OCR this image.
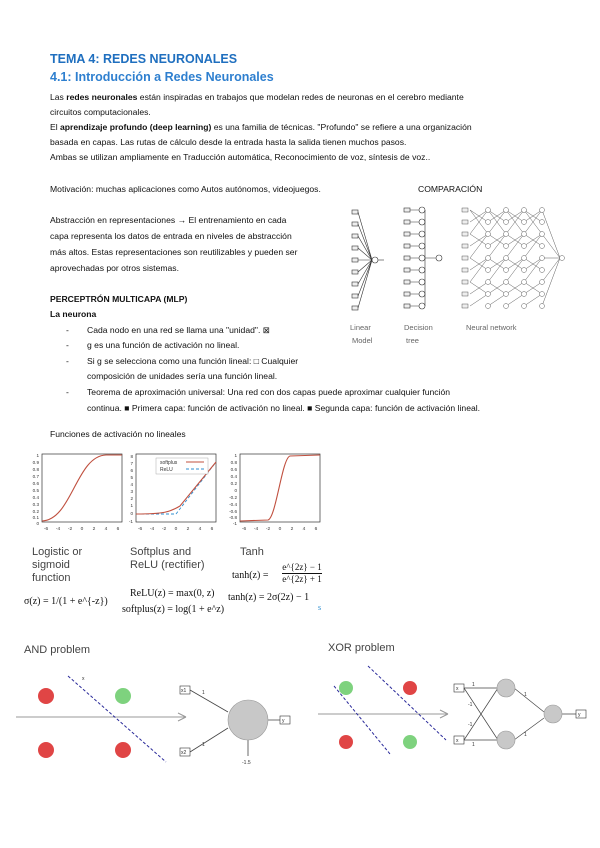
TEMA 4: REDES NEURONALES
4.1: Introducción a Redes Neuronales
Las redes neuronales están inspiradas en trabajos que modelan redes de neuronas en el cerebro mediante
circuitos computacionales.
El aprendizaje profundo (deep learning) es una familia de técnicas. "Profundo" se refiere a una organización
basada en capas. Las rutas de cálculo desde la entrada hasta la salida tienen muchos pasos.
Ambas se utilizan ampliamente en Traducción automática, Reconocimiento de voz, síntesis de voz..
Motivación: muchas aplicaciones como Autos autónomos, videojuegos.	COMPARACIÓN
Abstracción en representaciones → El entrenamiento en cada
capa representa los datos de entrada en niveles de abstracción
más altos. Estas representaciones son reutilizables y pueden ser
aprovechadas por otros sistemas.
Linear
Model
Decision
tree
Neural network
PERCEPTRÓN MULTICAPA (MLP)
La neurona
- Cada nodo en una red se llama una "unidad". ⊠
- g es una función de activación no lineal.
- Si g se selecciona como una función lineal: □ Cualquier
composición de unidades sería una función lineal.
- Teorema de aproximación universal: Una red con dos capas puede aproximar cualquier función
continua. ■ Primera capa: función de activación no lineal. ■ Segunda capa: función de activación lineal.
Funciones de activación no lineales
1
0.9
0.8
0.7
0.6
0.5
0.4
0.3
0.2
0.1
0
-6 -4 -2 0 2 4 6
softplus
ReLU
8
7
6
5
4
3
2
1
0
-1
-6 -4 -2 0 2 4 6
1
0.8
0.6
0.4
0.2
0
-0.2
-0.4
-0.6
-0.8
-1
-6 -4 -2 0 2 4 6
Logistic or
sigmoid
function
σ(z) = 1/(1 + e^{-z})
Softplus and
ReLU (rectifier)
ReLU(z) = max(0, z)
softplus(z) = log(1 + e^z)
Tanh
tanh(z) =
e^{2z} − 1
e^{2z} + 1
tanh(z) = 2σ(2z) − 1
s
AND problem
x
x1
x2
1
1
-1.5
y
XOR problem
x
x
1
1
-1
-1
1
1
y
